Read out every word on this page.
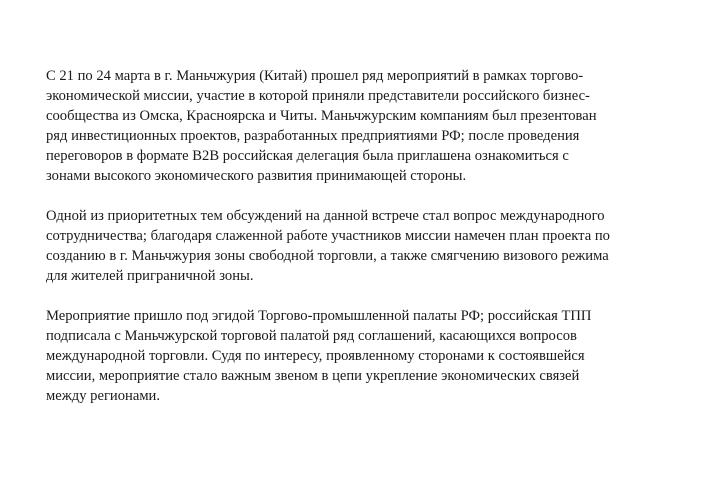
С 21 по 24 марта в г. Маньчжурия (Китай) прошел ряд мероприятий в рамках торгово-
экономической миссии, участие в которой приняли представители российского бизнес-
сообщества из Омска, Красноярска и Читы. Маньчжурским компаниям был презентован
ряд инвестиционных проектов, разработанных предприятиями РФ; после проведения
переговоров в формате B2B российская делегация была приглашена ознакомиться с
зонами высокого экономического развития принимающей стороны.

Одной из приоритетных тем обсуждений на данной встрече стал вопрос международного
сотрудничества; благодаря слаженной работе участников миссии намечен план проекта по
созданию в г. Маньчжурия зоны свободной торговли, а также смягчению визового режима
для жителей приграничной зоны.

Мероприятие пришло под эгидой Торгово-промышленной палаты РФ; российская ТПП
подписала с Маньчжурской торговой палатой ряд соглашений, касающихся вопросов
международной торговли. Судя по интересу, проявленному сторонами к состоявшейся
миссии, мероприятие стало важным звеном в цепи укрепление экономических связей
между регионами.
